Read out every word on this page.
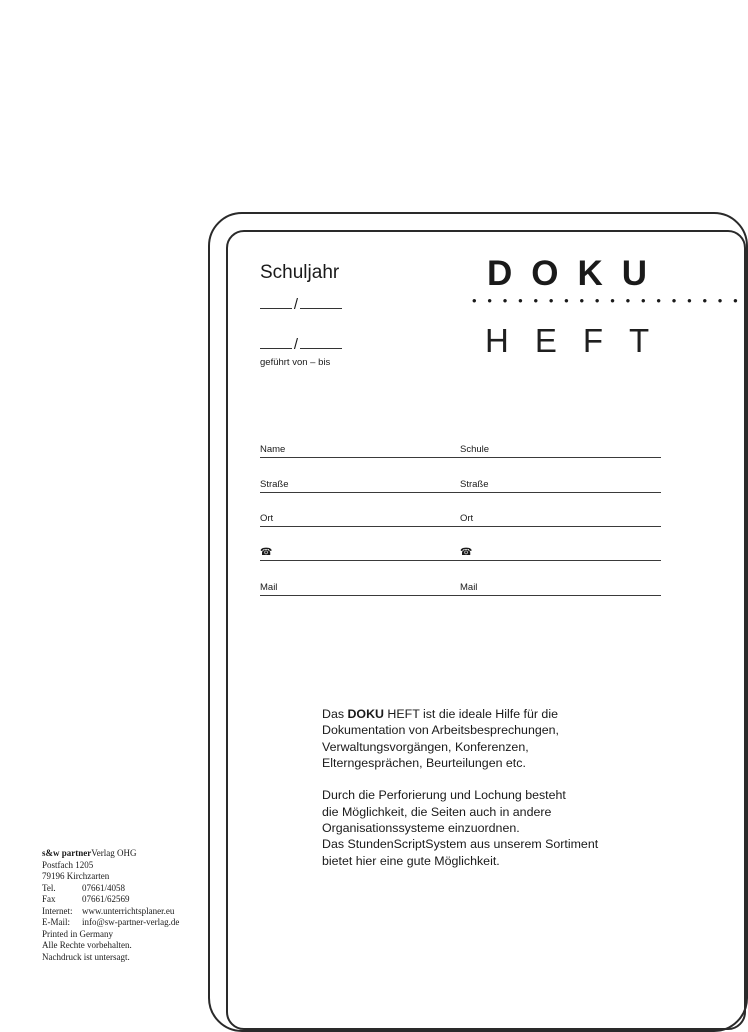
Schuljahr
/
/
geführt von – bis
DOKU
• • • • • • • • • • • • • • • • • •
HEFT
Name
Straße
Ort
☎
Mail
Schule
Straße
Ort
☎
Mail

Das DOKU HEFT ist die ideale Hilfe für die

Dokumentation von Arbeitsbesprechungen,

Verwaltungsvorgängen, Konferenzen,

Elterngesprächen, Beurteilungen etc.

Durch die Perforierung und Lochung besteht

die Möglichkeit, die Seiten auch in andere

Organisationssysteme einzuordnen.

Das StundenScriptSystem aus unserem Sortiment

bietet hier eine gute Möglichkeit.

s&w partnerVerlag OHG
Postfach 1205
79196 Kirchzarten
Tel.	07661/4058
Fax	07661/62569
Internet: www.unterrichtsplaner.eu
E-Mail: info@sw-partner-verlag.de
Printed in Germany
Alle Rechte vorbehalten.
Nachdruck ist untersagt.
